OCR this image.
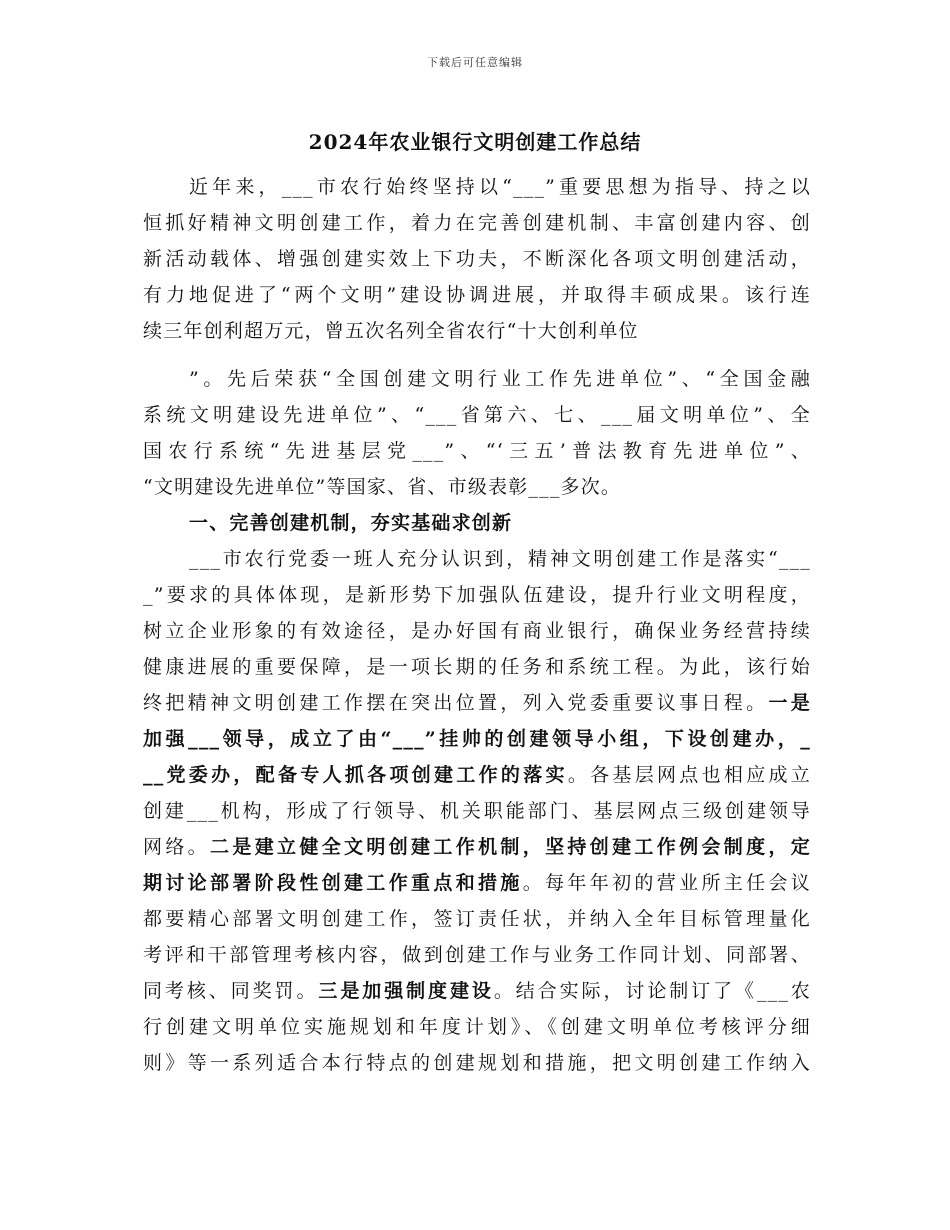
下载后可任意编辑
2024年农业银行文明创建工作总结
近年来，___市农行始终坚持以“___”重要思想为指导、持之以
恒抓好精神文明创建工作，着力在完善创建机制、丰富创建内容、创
新活动载体、增强创建实效上下功夫，不断深化各项文明创建活动，
有力地促进了“两个文明”建设协调进展，并取得丰硕成果。该行连
续三年创利超万元，曾五次名列全省农行“十大创利单位
”。先后荣获“全国创建文明行业工作先进单位”、“全国金融
系统文明建设先进单位”、“___省第六、七、___届文明单位”、全
国农行系统“先进基层党___”、“‘三五’普法教育先进单位”、
“文明建设先进单位”等国家、省、市级表彰___多次。
一、完善创建机制，夯实基础求创新
___市农行党委一班人充分认识到，精神文明创建工作是落实“___
_”要求的具体体现，是新形势下加强队伍建设，提升行业文明程度，
树立企业形象的有效途径，是办好国有商业银行，确保业务经营持续
健康进展的重要保障，是一项长期的任务和系统工程。为此，该行始
终把精神文明创建工作摆在突出位置，列入党委重要议事日程。一是
加强___领导，成立了由“___”挂帅的创建领导小组，下设创建办，_
__党委办，配备专人抓各项创建工作的落实。各基层网点也相应成立
创建___机构，形成了行领导、机关职能部门、基层网点三级创建领导
网络。二是建立健全文明创建工作机制，坚持创建工作例会制度，定
期讨论部署阶段性创建工作重点和措施。每年年初的营业所主任会议
都要精心部署文明创建工作，签订责任状，并纳入全年目标管理量化
考评和干部管理考核内容，做到创建工作与业务工作同计划、同部署、
同考核、同奖罚。三是加强制度建设。结合实际，讨论制订了《___农
行创建文明单位实施规划和年度计划》、《创建文明单位考核评分细
则》等一系列适合本行特点的创建规划和措施，把文明创建工作纳入
